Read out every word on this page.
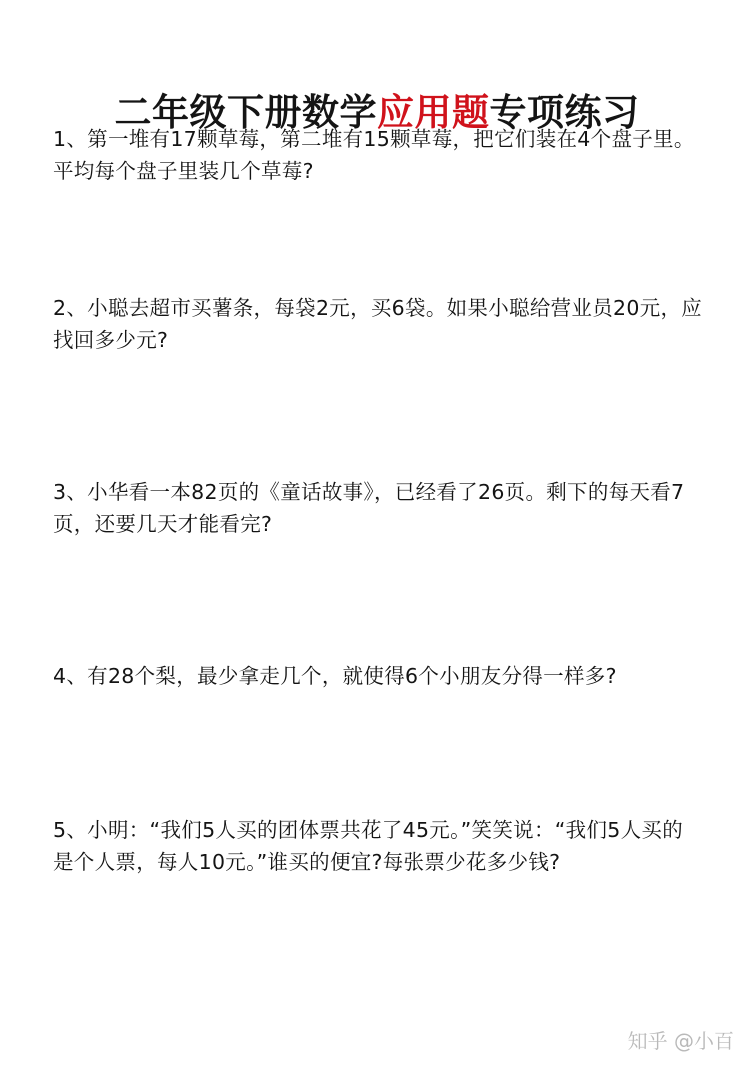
二年级下册数学应用题专项练习

1、第一堆有17颗草莓，第二堆有15颗草莓，把它们装在4个盘子里。平均每个盘子里装几个草莓?

2、小聪去超市买薯条，每袋2元，买6袋。如果小聪给营业员20元，应找回多少元?

3、小华看一本82页的《童话故事》，已经看了26页。剩下的每天看7页，还要几天才能看完?

4、有28个梨，最少拿走几个，就使得6个小朋友分得一样多?

5、小明：“我们5人买的团体票共花了45元。”笑笑说：“我们5人买的是个人票，每人10元。”谁买的便宜?每张票少花多少钱?

知乎 @小百
